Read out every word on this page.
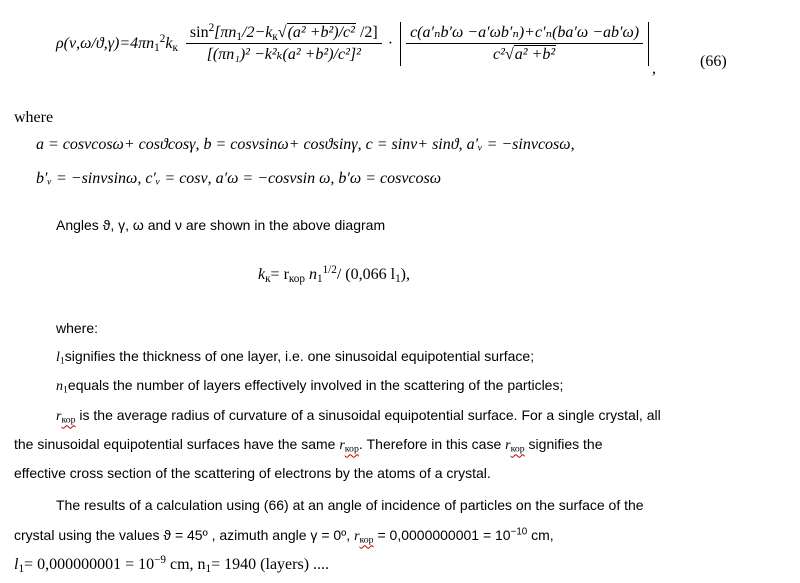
$\rho(\nu,\omega/ϑ,\gamma)=4\pi n_1^2k_к \frac{\sin^2[\pi n_1/2-k_к√(a^2 +b^2)/c^2 /2]}{\text{[(πn₁)² −k²ₖ(a² +b²)/c²]²}} \cdot \frac{\text{c(a′ₙb′ω −a′ωb′ₙ)+c′ₙ(ba′ω −ab′ω)}}{\text{c²√a² +b²}}$

,	(66)
where
a = cosνcosω+ cosϑcosγ, b = cosνsinω+ cosϑsinγ, c = sinν+ sinϑ, a′ᵥ = −sinνcosω,
b′ᵥ = −sinνsinω, c′ᵥ = cosν, a′ω = −cosνsin ω, b′ω = cosνcosω
Angles ϑ, γ, ω and ν are shown in the above diagram
$k_к= r_{кор}$ $n_1^{1/2}/$ (0,066 $l_1$),
where:
$l_1signifies$ the thickness of one layer, i.e. one sinusoidal equipotential surface;
$n_1equals$ the number of layers effectively involved in the scattering of the particles;
$r_{кор}$ is the average radius of curvature of a sinusoidal equipotential surface. For a single crystal, all
the sinusoidal equipotential surfaces have the same $r_{кор}$. Therefore in this case $r_{кор}$ signifies the
effective cross section of the scattering of electrons by the atoms of a crystal.
The results of a calculation using (66) at an angle of incidence of particles on the surface of the
crystal using the values ϑ = 45º , azimuth angle γ = 0º, $r_{кор} = 0,0000000001 = 10^{-10}$ cm,
$l_1= 0,000000001 = 10^{-9}$ cm, $n_1= 1940$ (layers) ....
